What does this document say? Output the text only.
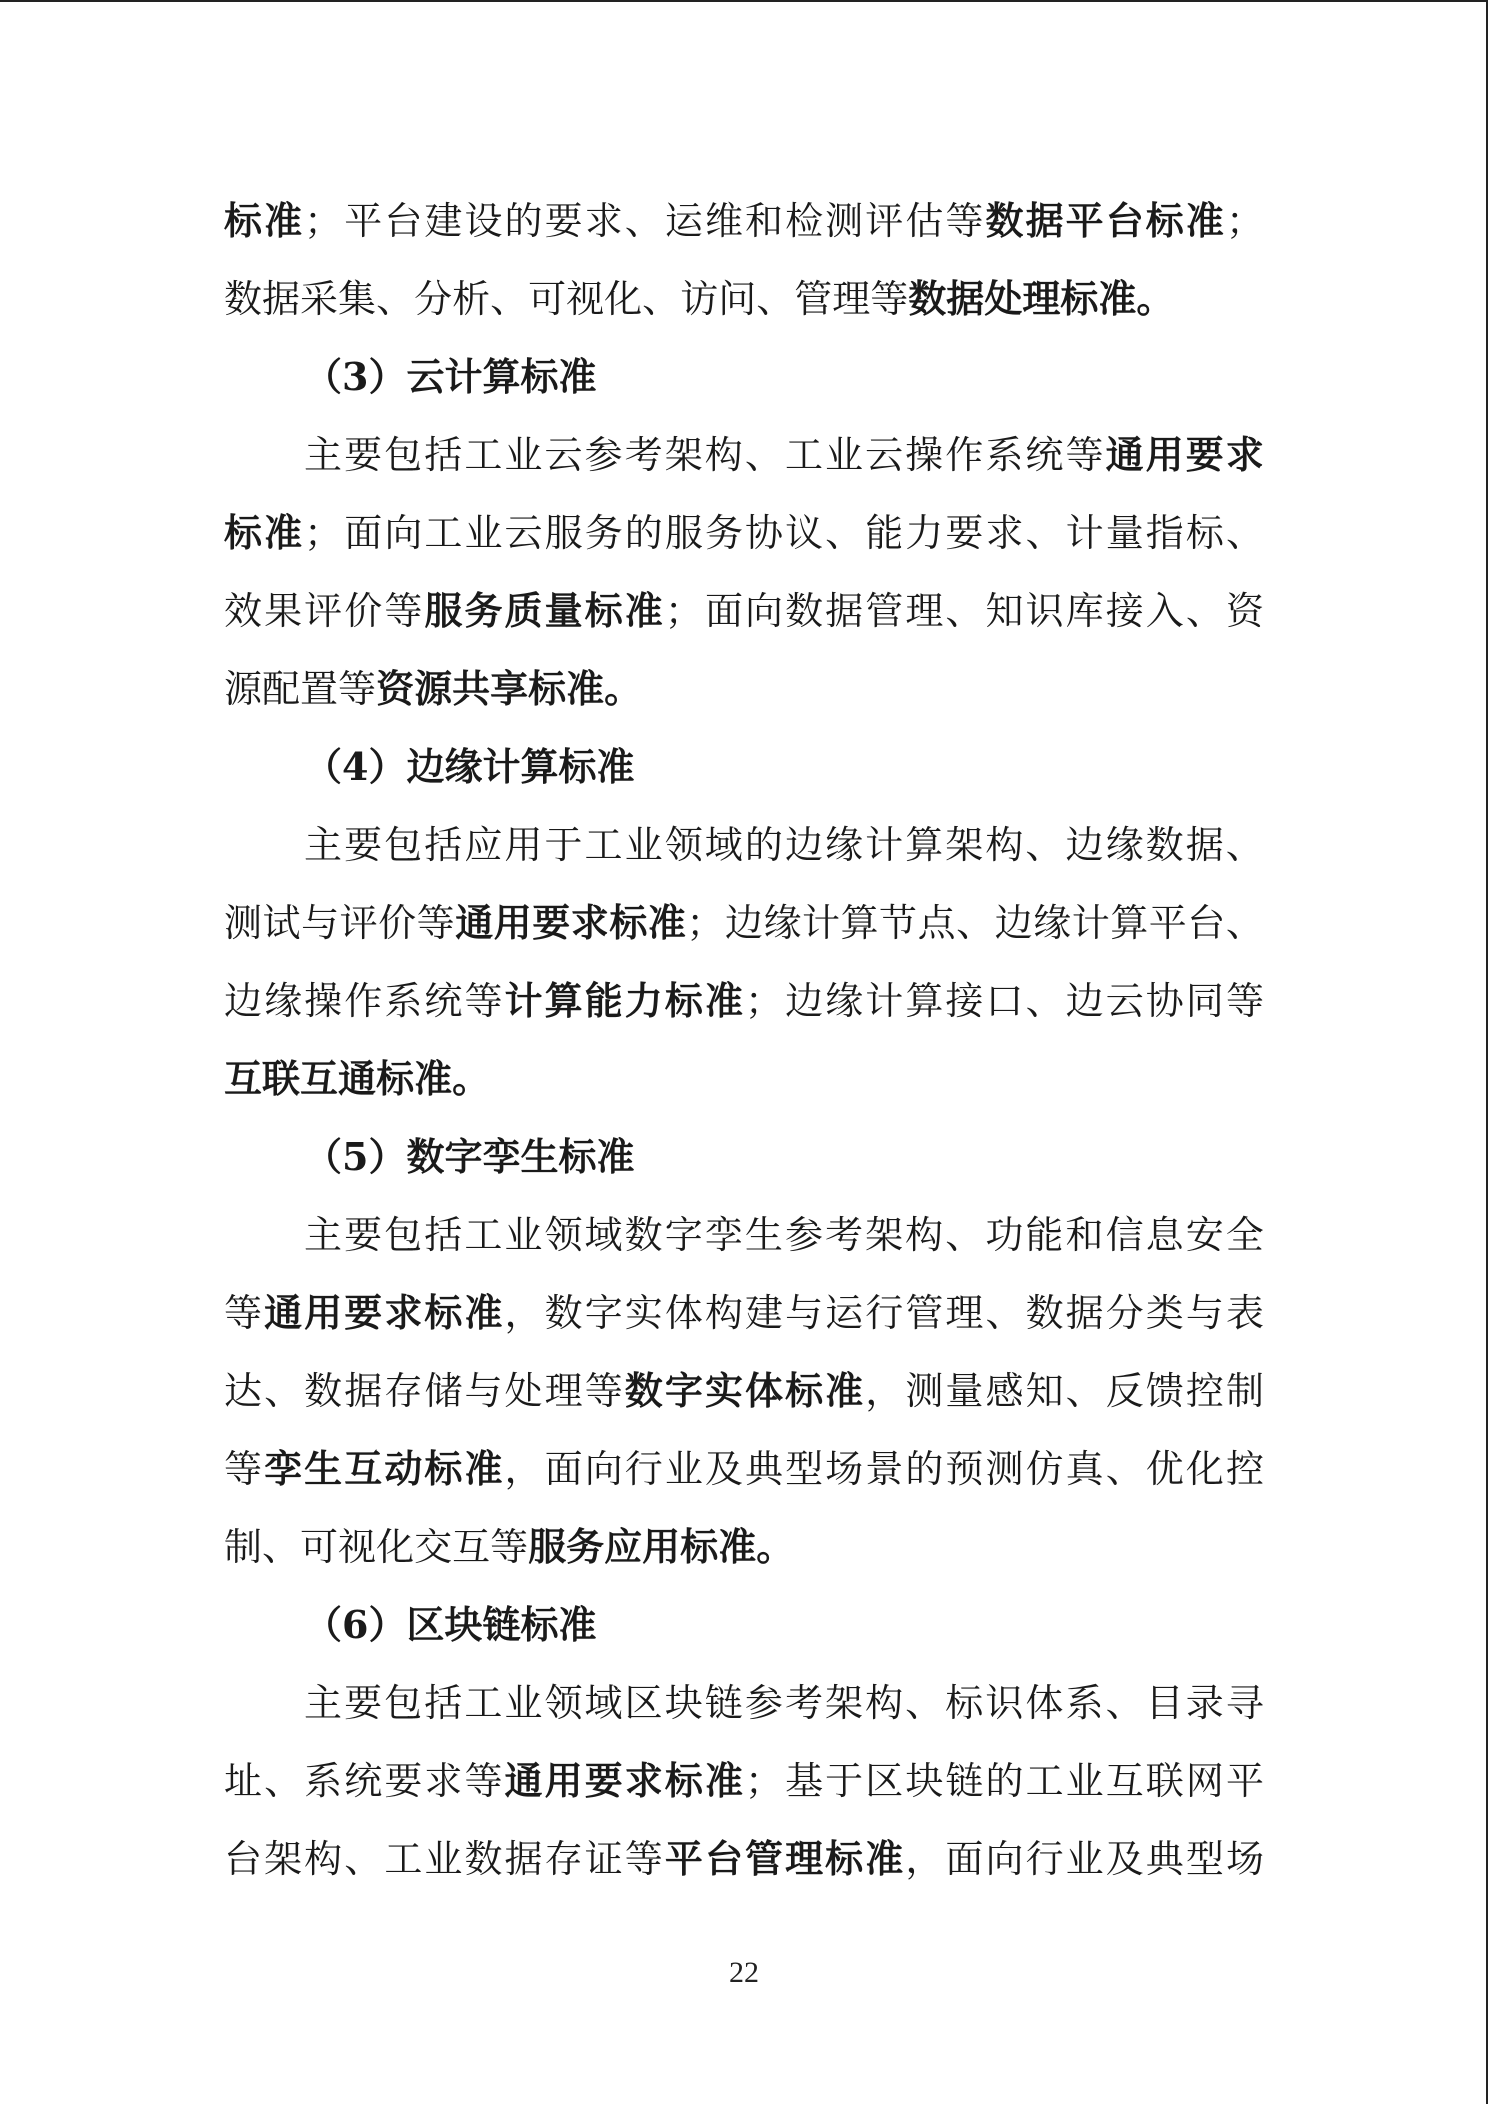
标 准 ； 平 台 建 设 的 要 求 、 运 维 和 检 测 评 估 等 数 据 平 台 标 准 ；
数 据 采 集 、 分 析 、 可 视 化 、 访 问 、 管 理 等 数 据 处 理 标 准 。
（ 3 ） 云计算标准
主 要 包 括 工 业 云 参 考 架 构 、 工 业 云 操 作 系 统 等 通 用 要 求
标 准 ； 面 向 工 业 云 服 务 的 服 务 协 议 、 能 力 要 求 、 计 量 指 标 、
效 果 评 价 等 服 务 质 量 标 准 ； 面 向 数 据 管 理 、 知 识 库 接 入 、 资
源 配 置 等 资 源 共 享 标 准 。
（ 4 ） 边缘计算标准
主 要 包 括 应 用 于 工 业 领 域 的 边 缘 计 算 架 构 、 边 缘 数 据 、
测 试 与 评 价 等 通 用 要 求 标 准 ； 边 缘 计 算 节 点 、 边 缘 计 算 平 台 、
边 缘 操 作 系 统 等 计 算 能 力 标 准 ； 边 缘 计 算 接 口 、 边 云 协 同 等
互 联 互 通 标 准 。
（ 5 ） 数字孪生标准
主 要 包 括 工 业 领 域 数 字 孪 生 参 考 架 构 、 功 能 和 信 息 安 全
等 通 用 要 求 标 准 ， 数 字 实 体 构 建 与 运 行 管 理 、 数 据 分 类 与 表
达 、 数 据 存 储 与 处 理 等 数 字 实 体 标 准 ， 测 量 感 知 、 反 馈 控 制
等 孪 生 互 动 标 准 ， 面 向 行 业 及 典 型 场 景 的 预 测 仿 真 、 优 化 控
制 、 可 视 化 交 互 等 服 务 应 用 标 准 。
（ 6 ） 区块链标准
主 要 包 括 工 业 领 域 区 块 链 参 考 架 构 、 标 识 体 系 、 目 录 寻
址 、 系 统 要 求 等 通 用 要 求 标 准 ； 基 于 区 块 链 的 工 业 互 联 网 平
台 架 构 、 工 业 数 据 存 证 等 平 台 管 理 标 准 ， 面 向 行 业 及 典 型 场
22
